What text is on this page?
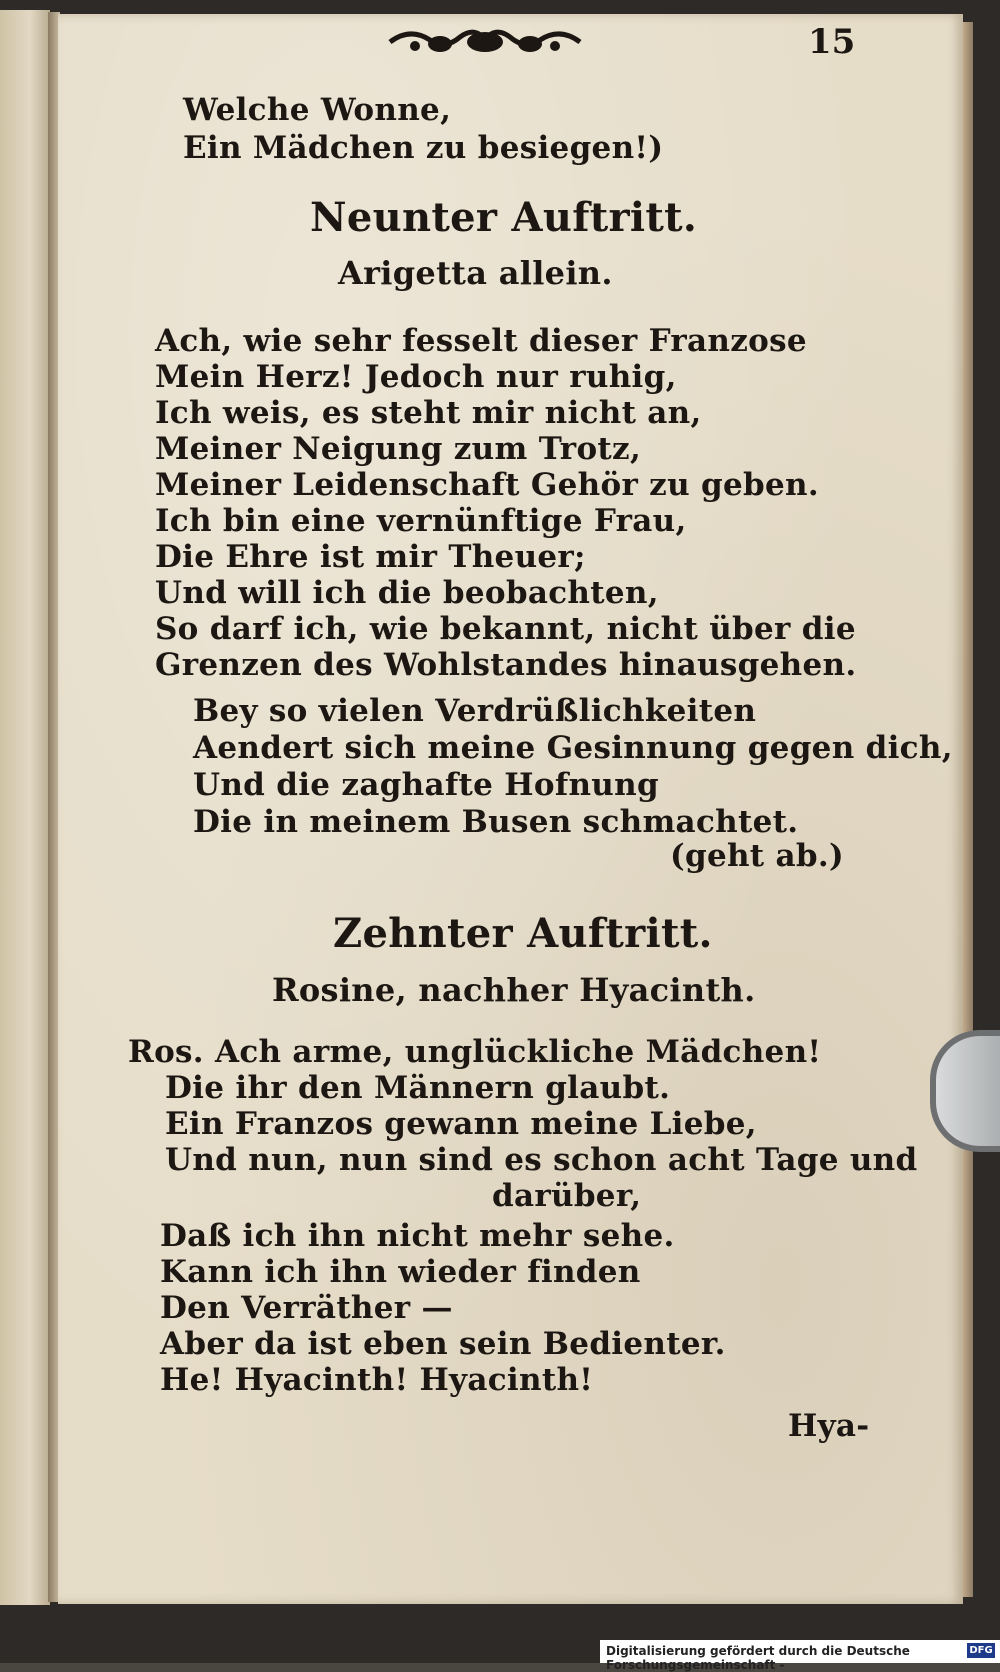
15
Welche Wonne,
Ein Mädchen zu besiegen!)
Neunter Auftritt.
Arigetta allein.
Ach, wie sehr fesselt dieser Franzose
Mein Herz! Jedoch nur ruhig,
Ich weis, es steht mir nicht an,
Meiner Neigung zum Trotz,
Meiner Leidenschaft Gehör zu geben.
Ich bin eine vernünftige Frau,
Die Ehre ist mir Theuer;
Und will ich die beobachten,
So darf ich, wie bekannt, nicht über die
Grenzen des Wohlstandes hinausgehen.
Bey so vielen Verdrüßlichkeiten
Aendert sich meine Gesinnung gegen dich,
Und die zaghafte Hofnung
Die in meinem Busen schmachtet.
(geht ab.)
Zehnter Auftritt.
Rosine, nachher Hyacinth.
Ros. Ach arme, unglückliche Mädchen!
Die ihr den Männern glaubt.
Ein Franzos gewann meine Liebe,
Und nun, nun sind es schon acht Tage und
darüber,
Daß ich ihn nicht mehr sehe.
Kann ich ihn wieder finden
Den Verräther —
Aber da ist eben sein Bedienter.
He! Hyacinth! Hyacinth!
Hya-
Digitalisierung gefördert durch die Deutsche Forschungsgemeinschaft -
DFG
